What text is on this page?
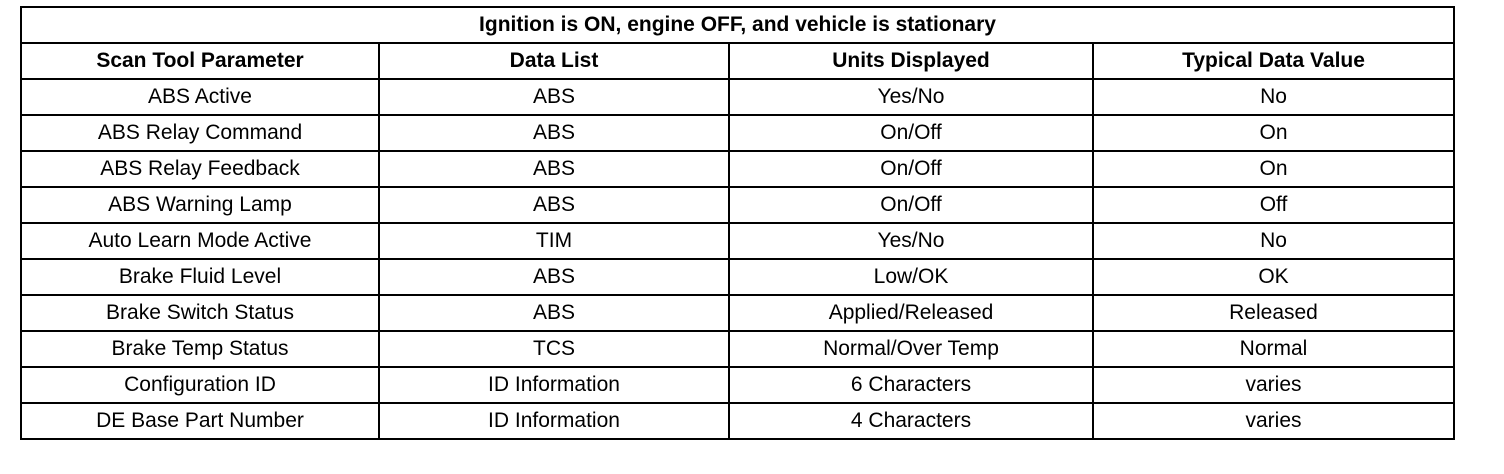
Ignition is ON, engine OFF, and vehicle is stationary			
Scan Tool Parameter	Data List	Units Displayed	Typical Data Value
ABS Active	ABS	Yes/No	No
ABS Relay Command	ABS	On/Off	On
ABS Relay Feedback	ABS	On/Off	On
ABS Warning Lamp	ABS	On/Off	Off
Auto Learn Mode Active	TIM	Yes/No	No
Brake Fluid Level	ABS	Low/OK	OK
Brake Switch Status	ABS	Applied/Released	Released
Brake Temp Status	TCS	Normal/Over Temp	Normal
Configuration ID	ID Information	6 Characters	varies
DE Base Part Number	ID Information	4 Characters	varies
